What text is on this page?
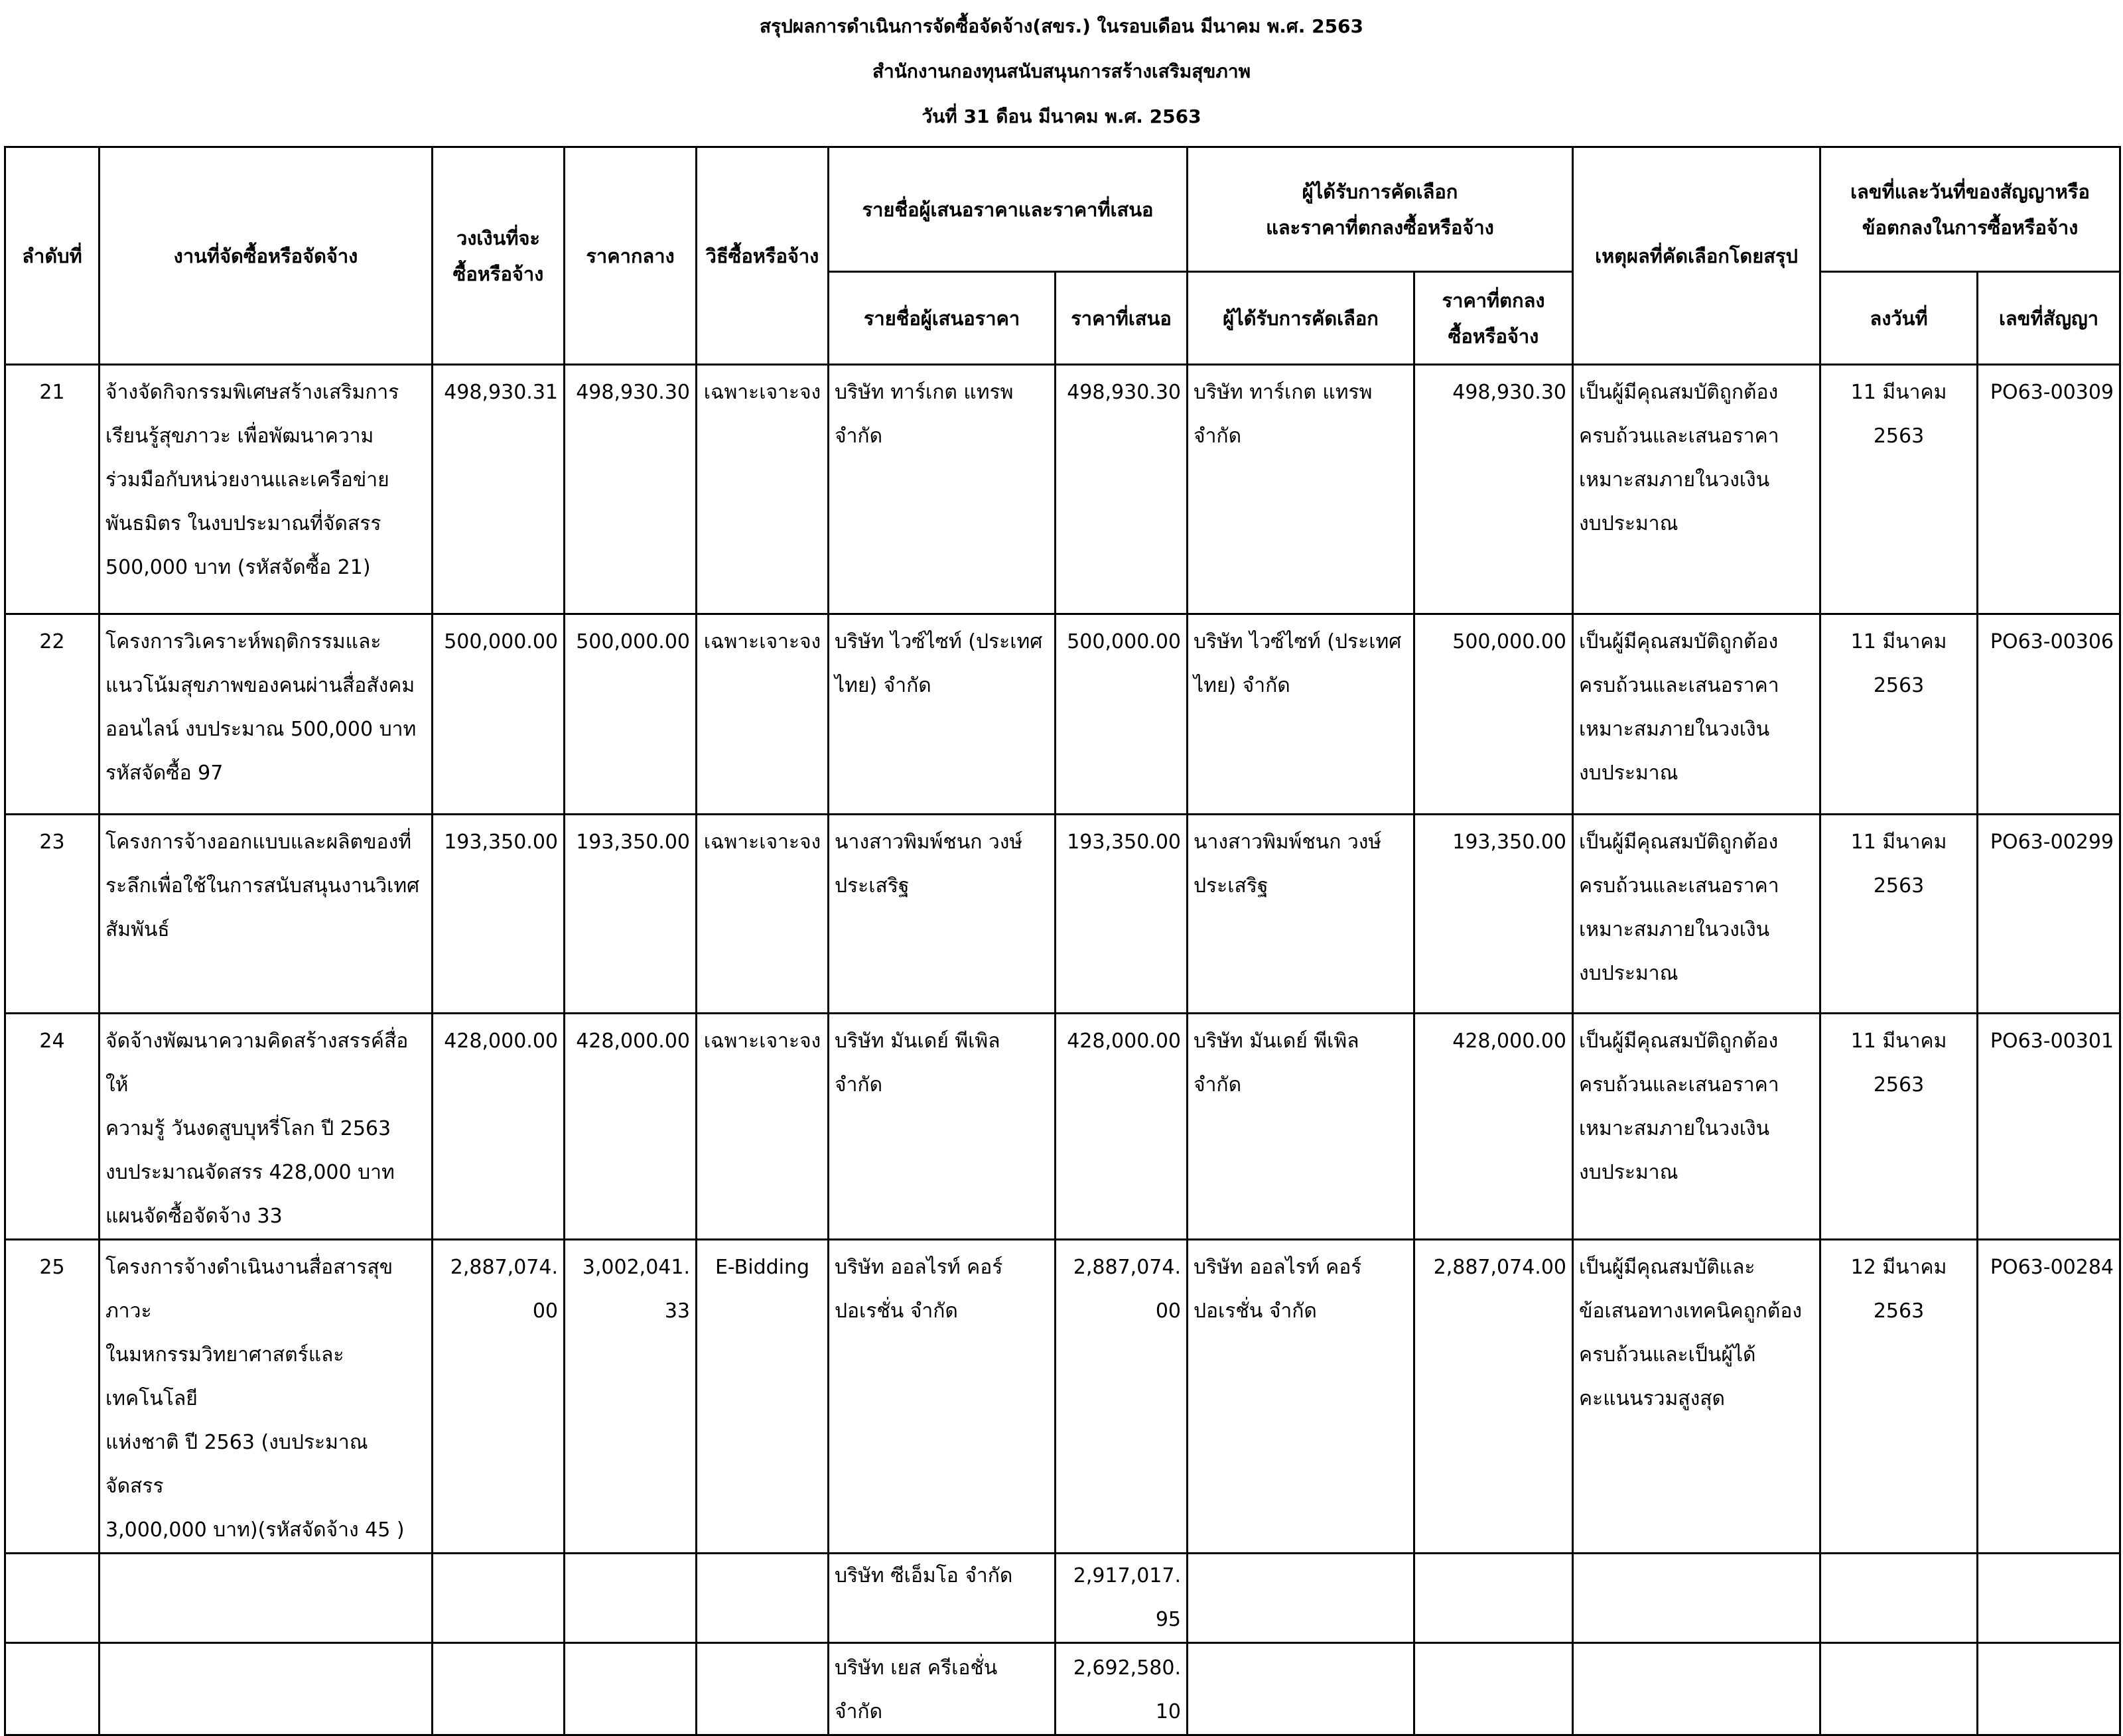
สรุปผลการดำเนินการจัดซื้อจัดจ้าง(สขร.) ในรอบเดือน มีนาคม พ.ศ. 2563
สำนักงานกองทุนสนับสนุนการสร้างเสริมสุขภาพ
วันที่ 31 ดือน มีนาคม พ.ศ. 2563
ลำดับที่	งานที่จัดซื้อหรือจัดจ้าง	วงเงินที่จะ
ซื้อหรือจ้าง	ราคากลาง	วิธีซื้อหรือจ้าง	รายชื่อผู้เสนอราคาและราคาที่เสนอ		ผู้ได้รับการคัดเลือก
และราคาที่ตกลงซื้อหรือจ้าง		เหตุผลที่คัดเลือกโดยสรุป	เลขที่และวันที่ของสัญญาหรือ
ข้อตกลงในการซื้อหรือจ้าง	
					รายชื่อผู้เสนอราคา	ราคาที่เสนอ	ผู้ได้รับการคัดเลือก	ราคาที่ตกลง
ซื้อหรือจ้าง		ลงวันที่	เลขที่สัญญา
21	จ้างจัดกิจกรรมพิเศษสร้างเสริมการ
เรียนรู้สุขภาวะ เพื่อพัฒนาความ
ร่วมมือกับหน่วยงานและเครือข่าย
พันธมิตร ในงบประมาณที่จัดสรร
500,000 บาท (รหัสจัดซื้อ 21)	498,930.31	498,930.30	เฉพาะเจาะจง	บริษัท ทาร์เกต แทรพ
จำกัด	498,930.30	บริษัท ทาร์เกต แทรพ
จำกัด	498,930.30	เป็นผู้มีคุณสมบัติถูกต้อง
ครบถ้วนและเสนอราคา
เหมาะสมภายในวงเงิน
งบประมาณ	11 มีนาคม 2563	PO63-00309
22	โครงการวิเคราะห์พฤติกรรมและ
แนวโน้มสุขภาพของคนผ่านสื่อสังคม
ออนไลน์ งบประมาณ 500,000 บาท
รหัสจัดซื้อ 97	500,000.00	500,000.00	เฉพาะเจาะจง	บริษัท ไวซ์ไซท์ (ประเทศ
ไทย) จำกัด	500,000.00	บริษัท ไวซ์ไซท์ (ประเทศ
ไทย) จำกัด	500,000.00	เป็นผู้มีคุณสมบัติถูกต้อง
ครบถ้วนและเสนอราคา
เหมาะสมภายในวงเงิน
งบประมาณ	11 มีนาคม 2563	PO63-00306
23	โครงการจ้างออกแบบและผลิตของที่
ระลึกเพื่อใช้ในการสนับสนุนงานวิเทศ
สัมพันธ์	193,350.00	193,350.00	เฉพาะเจาะจง	นางสาวพิมพ์ชนก วงษ์
ประเสริฐ	193,350.00	นางสาวพิมพ์ชนก วงษ์
ประเสริฐ	193,350.00	เป็นผู้มีคุณสมบัติถูกต้อง
ครบถ้วนและเสนอราคา
เหมาะสมภายในวงเงิน
งบประมาณ	11 มีนาคม 2563	PO63-00299
24	จัดจ้างพัฒนาความคิดสร้างสรรค์สื่อให้
ความรู้ วันงดสูบบุหรี่โลก ปี 2563
งบประมาณจัดสรร 428,000 บาท
แผนจัดซื้อจัดจ้าง 33	428,000.00	428,000.00	เฉพาะเจาะจง	บริษัท มันเดย์ พีเพิล จำกัด	428,000.00	บริษัท มันเดย์ พีเพิล จำกัด	428,000.00	เป็นผู้มีคุณสมบัติถูกต้อง
ครบถ้วนและเสนอราคา
เหมาะสมภายในวงเงิน
งบประมาณ	11 มีนาคม 2563	PO63-00301
25	โครงการจ้างดำเนินงานสื่อสารสุขภาวะ
ในมหกรรมวิทยาศาสตร์และเทคโนโลยี
แห่งชาติ ปี 2563 (งบประมาณจัดสรร
3,000,000 บาท)(รหัสจัดจ้าง 45 )	2,887,074.00	3,002,041.33	E-Bidding	บริษัท ออลไรท์ คอร์
ปอเรชั่น จำกัด	2,887,074.00	บริษัท ออลไรท์ คอร์
ปอเรชั่น จำกัด	2,887,074.00	เป็นผู้มีคุณสมบัติและ
ข้อเสนอทางเทคนิคถูกต้อง
ครบถ้วนและเป็นผู้ได้
คะแนนรวมสูงสุด	12 มีนาคม 2563	PO63-00284
					บริษัท ซีเอ็มโอ จำกัด	2,917,017.95					
					บริษัท เยส ครีเอชั่น จำกัด	2,692,580.10					
